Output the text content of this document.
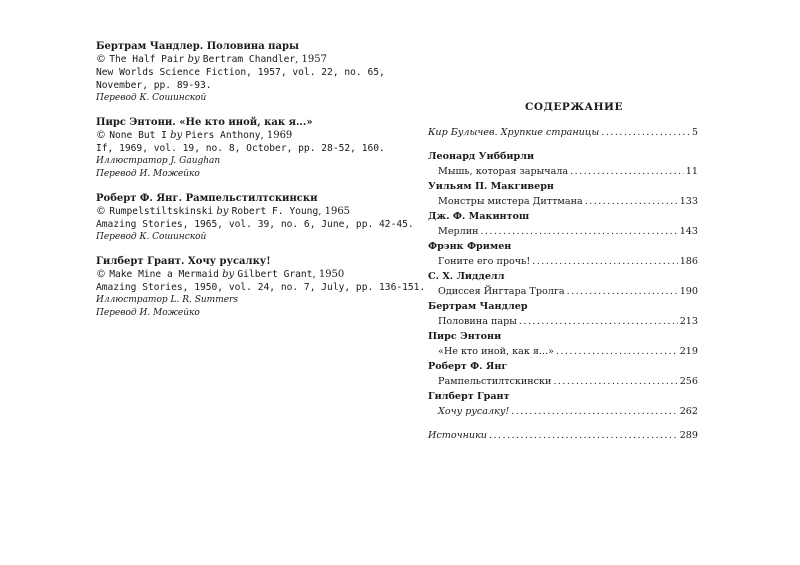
Бертрам Чандлер. Половина пары
© The Half Pair by Bertram Chandler, 1957
New Worlds Science Fiction, 1957, vol. 22, no. 65,
November, pp. 89-93.
Перевод К. Сошинской
Пирс Энтони. «Не кто иной, как я...»
© None But I by Piers Anthony, 1969
If, 1969, vol. 19, no. 8, October, pp. 28-52, 160.
Иллюстратор J. Gaughan
Перевод И. Можейко
Роберт Ф. Янг. Рампельстилтскински
© Rumpelstiltskinski by Robert F. Young, 1965
Amazing Stories, 1965, vol. 39, no. 6, June, pp. 42-45.
Перевод К. Сошинской
Гилберт Грант. Хочу русалку!
© Make Mine a Mermaid by Gilbert Grant, 1950
Amazing Stories, 1950, vol. 24, no. 7, July, pp. 136-151.
Иллюстратор L. R. Summers
Перевод И. Можейко
СОДЕРЖАНИЕ
Кир Булычев. Хрупкие страницы . . .	5
Леонард Уиббирли
Мышь, которая зарычала . . .	11
Уильям П. Макгиверн
Монстры мистера Диттмана . . .	133
Дж. Ф. Макинтош
Мерлин . . .	143
Фрэнк Фримен
Гоните его прочь! . . .	186
С. Х. Лидделл
Одиссея Йнгтара Тролга . . .	190
Бертрам Чандлер
Половина пары . . .	213
Пирс Энтони
«Не кто иной, как я...» . . .	219
Роберт Ф. Янг
Рампельстилтскински . . .	256
Гилберт Грант
Хочу русалку! . . .	262
Источники . . .	289
